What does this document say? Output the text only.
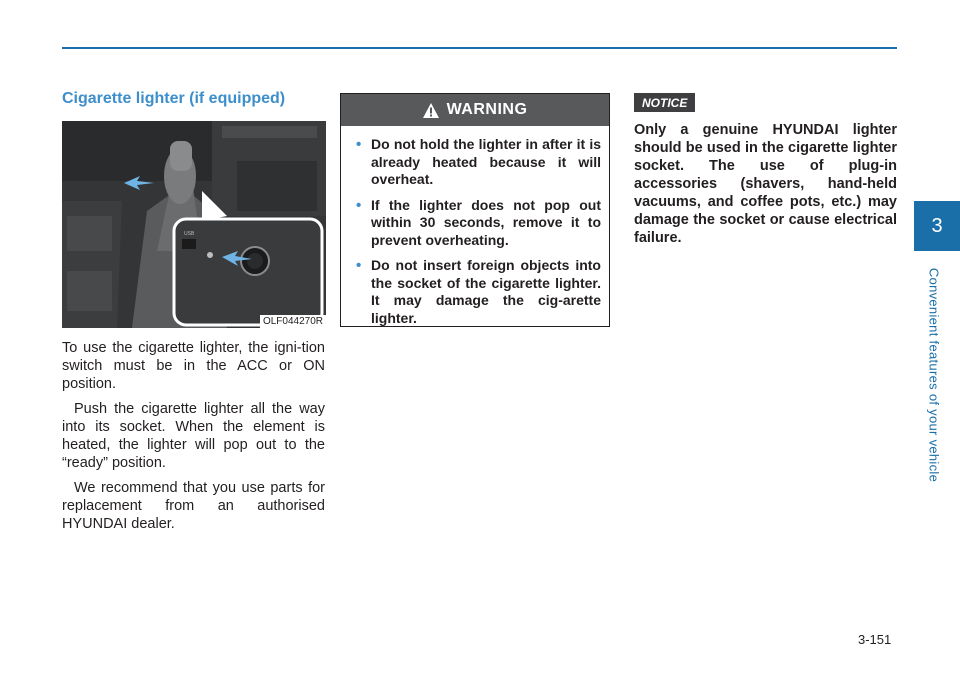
Cigarette lighter (if equipped)
USB
OLF044270R

To use the cigarette lighter, the igni-tion switch must be in the ACC or ON position.

Push the cigarette lighter all the way into its socket. When the element is heated, the lighter will pop out to the “ready” position.

We recommend that you use parts for replacement from an authorised HYUNDAI dealer.

WARNING
• Do not hold the lighter in after it is already heated because it will overheat.
• If the lighter does not pop out within 30 seconds, remove it to prevent overheating.
• Do not insert foreign objects into the socket of the cigarette lighter. It may damage the cig-arette lighter.
NOTICE

Only a genuine HYUNDAI lighter should be used in the cigarette lighter socket. The use of plug-in accessories (shavers, hand-held vacuums, and coffee pots, etc.) may damage the socket or cause electrical failure.

3
Convenient features of your vehicle
3-151
